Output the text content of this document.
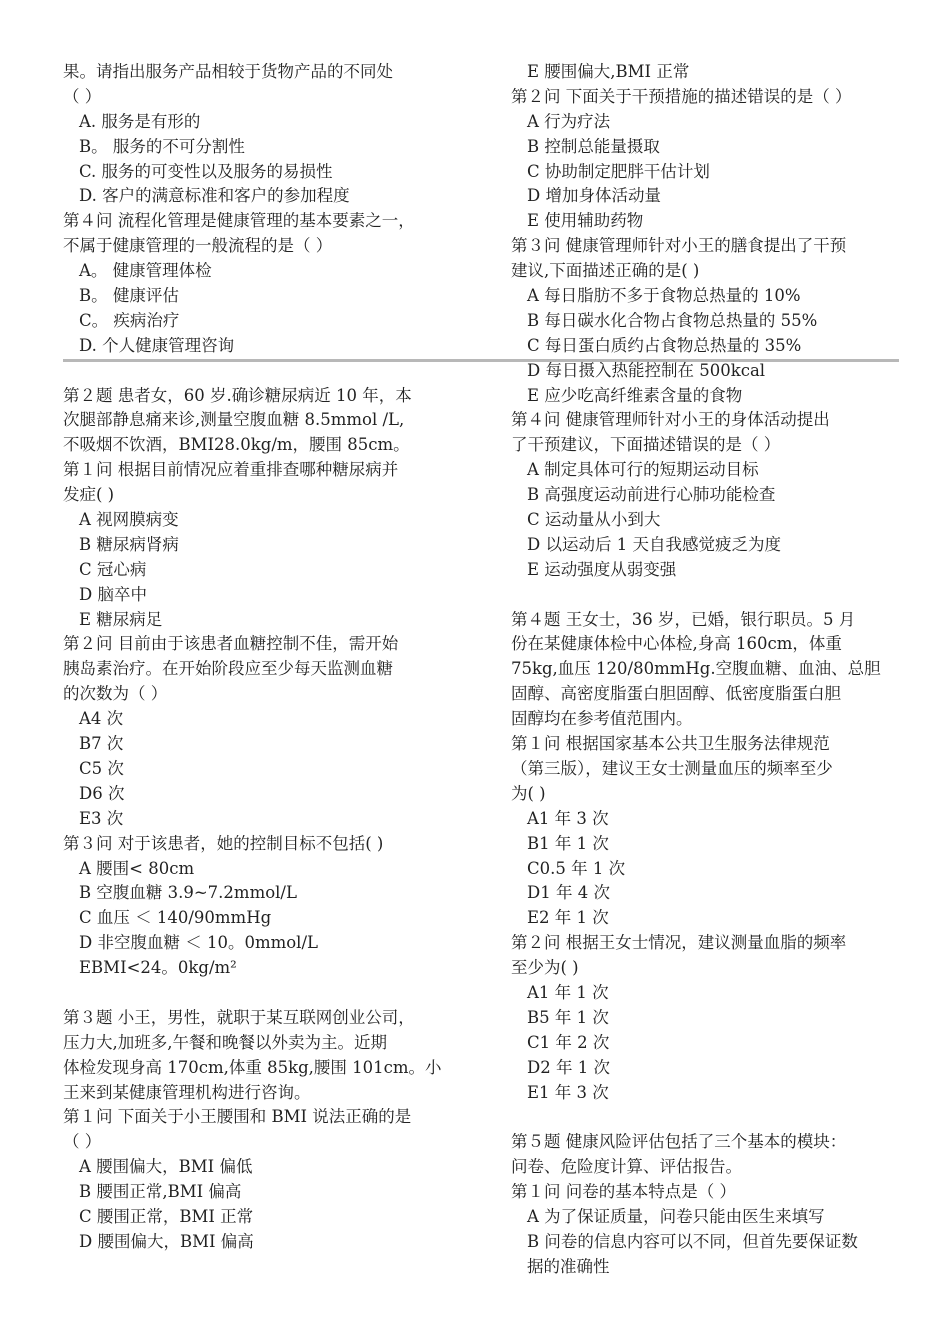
果。请指出服务产品相较于货物产品的不同处
（ ）
A. 服务是有形的
B。 服务的不可分割性
C. 服务的可变性以及服务的易损性
D. 客户的满意标准和客户的参加程度
第４问 流程化管理是健康管理的基本要素之一，
不属于健康管理的一般流程的是（ ）
A。 健康管理体检
B。 健康评估
C。 疾病治疗
D. 个人健康管理咨询
第２题 患者女，60 岁.确诊糖尿病近 10 年，本
次腿部静息痛来诊,测量空腹血糖 8.5mmol /L,
不吸烟不饮酒，BMI28.0kg/m，腰围 85cm。
第１问 根据目前情况应着重排查哪种糖尿病并
发症( )
A 视网膜病变
B 糖尿病肾病
C 冠心病
D 脑卒中
E 糖尿病足
第２问 目前由于该患者血糖控制不佳，需开始
胰岛素治疗。在开始阶段应至少每天监测血糖
的次数为（ ）
A4 次
B7 次
C5 次
D6 次
E3 次
第３问 对于该患者，她的控制目标不包括( )
A 腰围< 80cm
B 空腹血糖 3.9~7.2mmol/L
C 血压 ＜ 140/90mmHg
D 非空腹血糖 ＜ 10。0mmol/L
EBMI<24。0kg/m²
第３题 小王，男性，就职于某互联网创业公司，
压力大,加班多,午餐和晚餐以外卖为主。近期
体检发现身高 170cm,体重 85kg,腰围 101cm。小
王来到某健康管理机构进行咨询。
第１问 下面关于小王腰围和 BMI 说法正确的是
（ ）
A 腰围偏大，BMI 偏低
B 腰围正常,BMI 偏高
C 腰围正常，BMI 正常
D 腰围偏大，BMI 偏高
E 腰围偏大,BMI 正常
第２问 下面关于干预措施的描述错误的是（ ）
A 行为疗法
B 控制总能量摄取
C 协助制定肥胖干估计划
D 增加身体活动量
E 使用辅助药物
第３问 健康管理师针对小王的膳食提出了干预
建议,下面描述正确的是( )
A 每日脂肪不多于食物总热量的 10%
B 每日碳水化合物占食物总热量的 55%
C 每日蛋白质约占食物总热量的 35%
D 每日摄入热能控制在 500kcal
E 应少吃高纤维素含量的食物
第４问 健康管理师针对小王的身体活动提出
了干预建议，下面描述错误的是（ ）
A 制定具体可行的短期运动目标
B 高强度运动前进行心肺功能检查
C 运动量从小到大
D 以运动后 1 天自我感觉疲乏为度
E 运动强度从弱变强
第４题 王女士，36 岁，已婚，银行职员。5 月
份在某健康体检中心体检,身高 160cm，体重
75kg,血压 120/80mmHg.空腹血糖、血油、总胆
固醇、高密度脂蛋白胆固醇、低密度脂蛋白胆
固醇均在参考值范围内。
第１问 根据国家基本公共卫生服务法律规范
（第三版），建议王女士测量血压的频率至少
为( )
A1 年 3 次
B1 年 1 次
C0.5 年 1 次
D1 年 4 次
E2 年 1 次
第２问 根据王女士情况，建议测量血脂的频率
至少为( )
A1 年 1 次
B5 年 1 次
C1 年 2 次
D2 年 1 次
E1 年 3 次
第５题 健康风险评估包括了三个基本的模块：
问卷、危险度计算、评估报告。
第１问 问卷的基本特点是（ ）
A 为了保证质量，问卷只能由医生来填写
B 问卷的信息内容可以不同，但首先要保证数
据的准确性
